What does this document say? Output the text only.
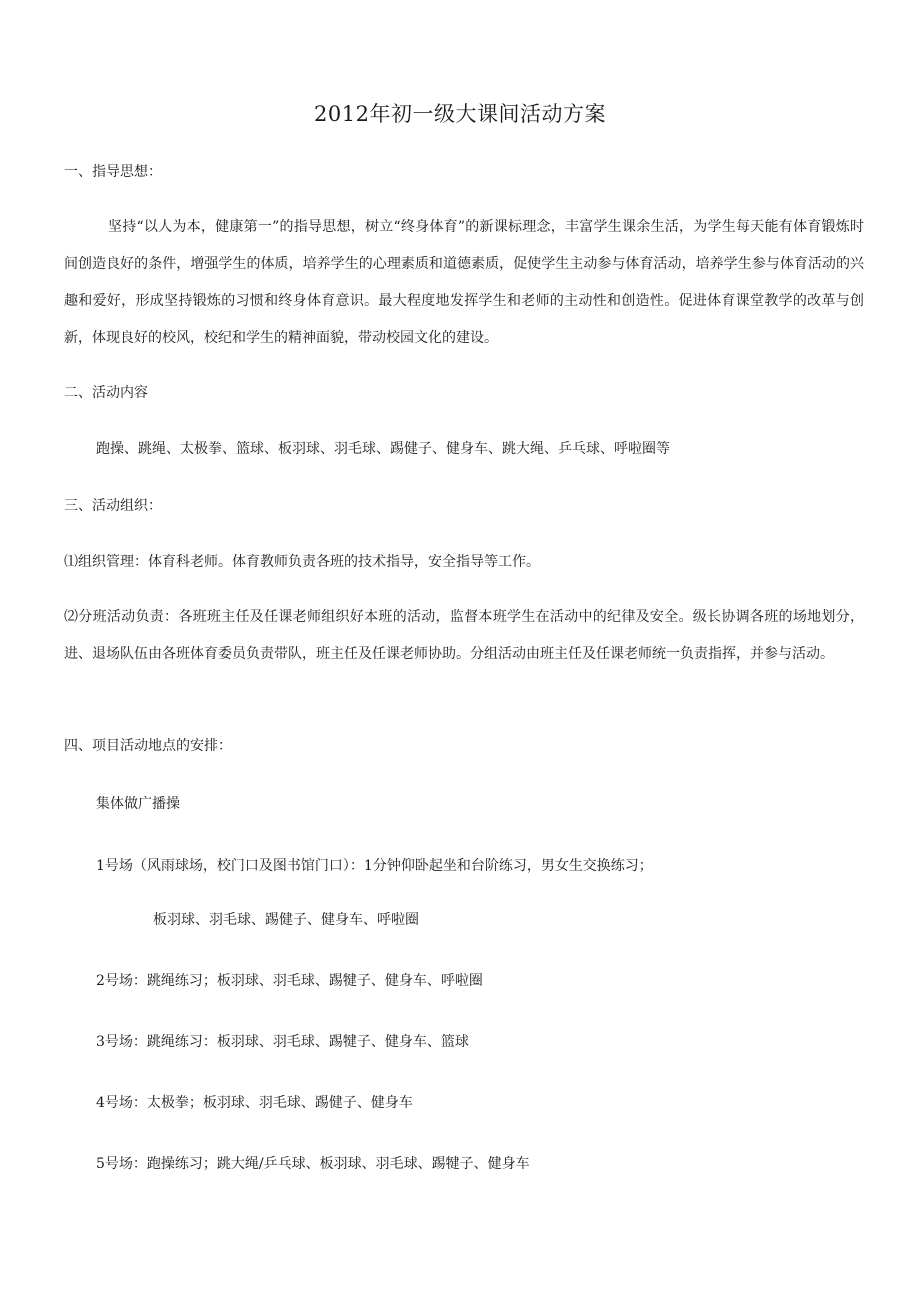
2012年初一级大课间活动方案
一、指导思想：
坚持“以人为本，健康第一”的指导思想，树立“终身体育”的新课标理念，丰富学生课余生活，为学生每天能有体育锻炼时间创造良好的条件，增强学生的体质，培养学生的心理素质和道德素质，促使学生主动参与体育活动，培养学生参与体育活动的兴趣和爱好，形成坚持锻炼的习惯和终身体育意识。最大程度地发挥学生和老师的主动性和创造性。促进体育课堂教学的改革与创新，体现良好的校风，校纪和学生的精神面貌，带动校园文化的建设。
二、活动内容
跑操、跳绳、太极拳、篮球、板羽球、羽毛球、踢健子、健身车、跳大绳、乒乓球、呼啦圈等
三、活动组织：
⑴组织管理：体育科老师。体育教师负责各班的技术指导，安全指导等工作。
⑵分班活动负责：各班班主任及任课老师组织好本班的活动，监督本班学生在活动中的纪律及安全。级长协调各班的场地划分，进、退场队伍由各班体育委员负责带队，班主任及任课老师协助。分组活动由班主任及任课老师统一负责指挥，并参与活动。
四、项目活动地点的安排：
集体做广播操
1号场（风雨球场，校门口及图书馆门口）：1分钟仰卧起坐和台阶练习，男女生交换练习；
板羽球、羽毛球、踢健子、健身车、呼啦圈
2号场：跳绳练习；板羽球、羽毛球、踢犍子、健身车、呼啦圈
3号场：跳绳练习：板羽球、羽毛球、踢犍子、健身车、篮球
4号场：太极拳；板羽球、羽毛球、踢健子、健身车
5号场：跑操练习；跳大绳/乒乓球、板羽球、羽毛球、踢犍子、健身车
